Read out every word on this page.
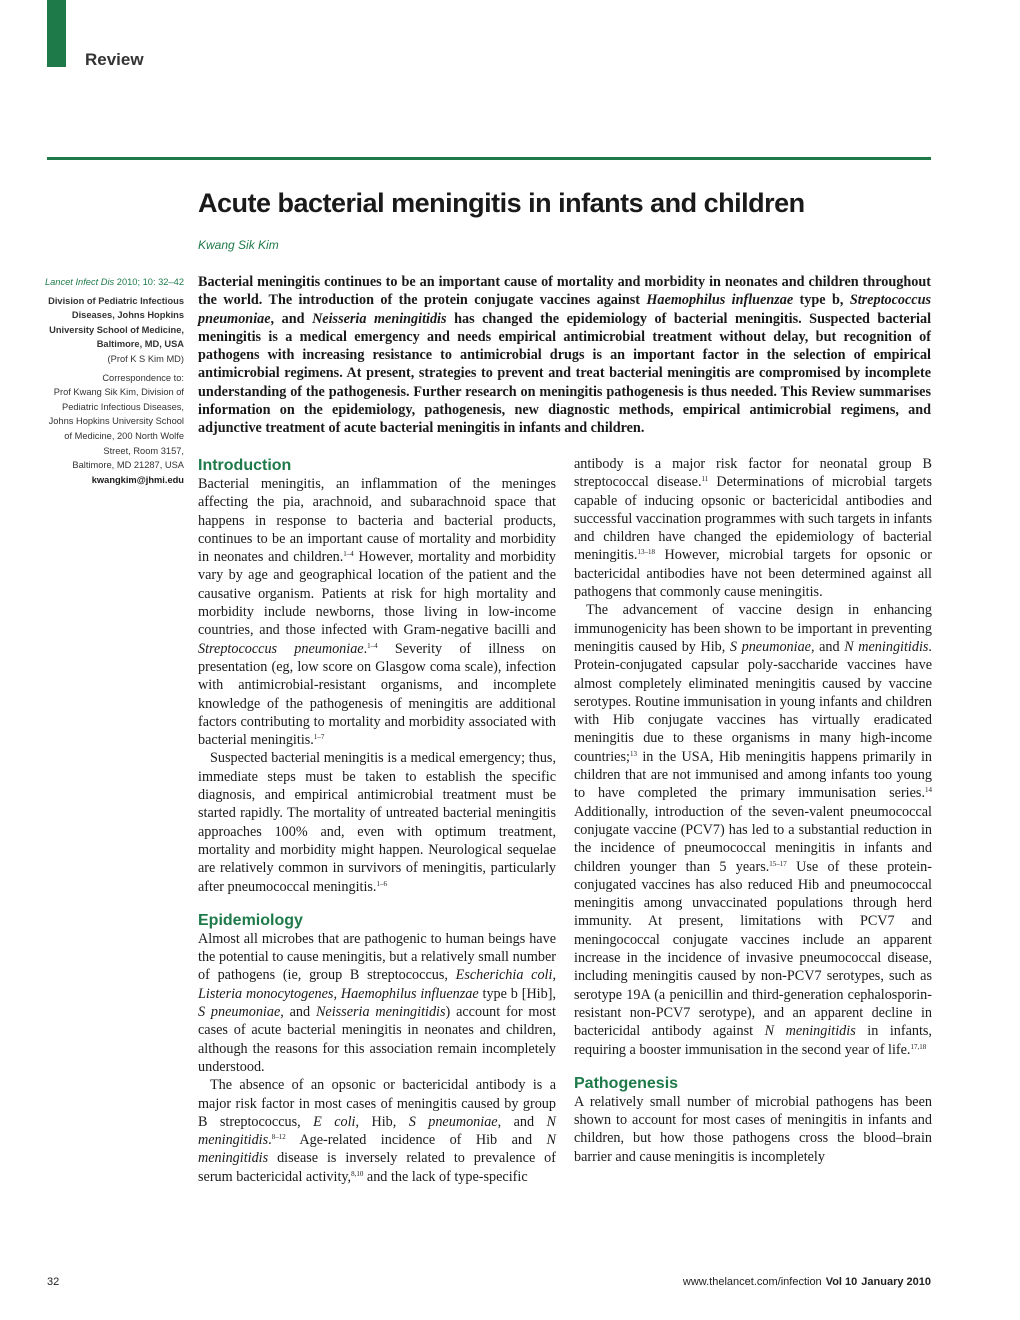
Review
Acute bacterial meningitis in infants and children
Kwang Sik Kim

Lancet Infect Dis 2010; 10: 32–42

Division of Pediatric Infectious

Diseases, Johns Hopkins

University School of Medicine,

Baltimore, MD, USA

(Prof K S Kim MD)

Correspondence to:

Prof Kwang Sik Kim, Division of

Pediatric Infectious Diseases,

Johns Hopkins University School

of Medicine, 200 North Wolfe

Street, Room 3157,

Baltimore, MD 21287, USA

kwangkim@jhmi.edu

Bacterial meningitis continues to be an important cause of mortality and morbidity in neonates and children throughout the world. The introduction of the protein conjugate vaccines against Haemophilus influenzae type b, Streptococcus pneumoniae, and Neisseria meningitidis has changed the epidemiology of bacterial meningitis. Suspected bacterial meningitis is a medical emergency and needs empirical antimicrobial treatment without delay, but recognition of pathogens with increasing resistance to antimicrobial drugs is an important factor in the selection of empirical antimicrobial regimens. At present, strategies to prevent and treat bacterial meningitis are compromised by incomplete understanding of the pathogenesis. Further research on meningitis pathogenesis is thus needed. This Review summarises information on the epidemiology, pathogenesis, new diagnostic methods, empirical antimicrobial regimens, and adjunctive treatment of acute bacterial meningitis in infants and children.

Introduction

Bacterial meningitis, an inflammation of the meninges affecting the pia, arachnoid, and subarachnoid space that happens in response to bacteria and bacterial products, continues to be an important cause of mortality and morbidity in neonates and children.$^{1-4}$ However, mortality and morbidity vary by age and geographical location of the patient and the causative organism. Patients at risk for high mortality and morbidity include newborns, those living in low-income countries, and those infected with Gram-negative bacilli and Streptococcus pneumoniae.$^{1-4}$ Severity of illness on presentation (eg, low score on Glasgow coma scale), infection with antimicrobial-resistant organisms, and incomplete knowledge of the pathogenesis of meningitis are additional factors contributing to mortality and morbidity associated with bacterial meningitis.$^{1-7}$

Suspected bacterial meningitis is a medical emergency; thus, immediate steps must be taken to establish the specific diagnosis, and empirical antimicrobial treatment must be started rapidly. The mortality of untreated bacterial meningitis approaches 100% and, even with optimum treatment, mortality and morbidity might happen. Neurological sequelae are relatively common in survivors of meningitis, particularly after pneumococcal meningitis.$^{1-6}$

Epidemiology

Almost all microbes that are pathogenic to human beings have the potential to cause meningitis, but a relatively small number of pathogens (ie, group B streptococcus, Escherichia coli, Listeria monocytogenes, Haemophilus influenzae type b [Hib], S pneumoniae, and Neisseria meningitidis) account for most cases of acute bacterial meningitis in neonates and children, although the reasons for this association remain incompletely understood.

The absence of an opsonic or bactericidal antibody is a major risk factor in most cases of meningitis caused by group B streptococcus, E coli, Hib, S pneumoniae, and N meningitidis.$^{8-12}$ Age-related incidence of Hib and N meningitidis disease is inversely related to prevalence of serum bactericidal activity,$^{8,10}$ and the lack of type-specific

antibody is a major risk factor for neonatal group B streptococcal disease.$^{11}$ Determinations of microbial targets capable of inducing opsonic or bactericidal antibodies and successful vaccination programmes with such targets in infants and children have changed the epidemiology of bacterial meningitis.$^{13-18}$ However, microbial targets for opsonic or bactericidal antibodies have not been determined against all pathogens that commonly cause meningitis.

The advancement of vaccine design in enhancing immunogenicity has been shown to be important in preventing meningitis caused by Hib, S pneumoniae, and N meningitidis. Protein-conjugated capsular poly-saccharide vaccines have almost completely eliminated meningitis caused by vaccine serotypes. Routine immunisation in young infants and children with Hib conjugate vaccines has virtually eradicated meningitis due to these organisms in many high-income countries;$^{13}$ in the USA, Hib meningitis happens primarily in children that are not immunised and among infants too young to have completed the primary immunisation series.$^{14}$ Additionally, introduction of the seven-valent pneumococcal conjugate vaccine (PCV7) has led to a substantial reduction in the incidence of pneumococcal meningitis in infants and children younger than 5 years.$^{15-17}$ Use of these protein-conjugated vaccines has also reduced Hib and pneumococcal meningitis among unvaccinated populations through herd immunity. At present, limitations with PCV7 and meningococcal conjugate vaccines include an apparent increase in the incidence of invasive pneumococcal disease, including meningitis caused by non-PCV7 serotypes, such as serotype 19A (a penicillin and third-generation cephalosporin-resistant non-PCV7 serotype), and an apparent decline in bactericidal antibody against N meningitidis in infants, requiring a booster immunisation in the second year of life.$^{17,18}$

Pathogenesis

A relatively small number of microbial pathogens has been shown to account for most cases of meningitis in infants and children, but how those pathogens cross the blood–brain barrier and cause meningitis is incompletely

32	www.thelancet.com/infection Vol 10 January 2010
